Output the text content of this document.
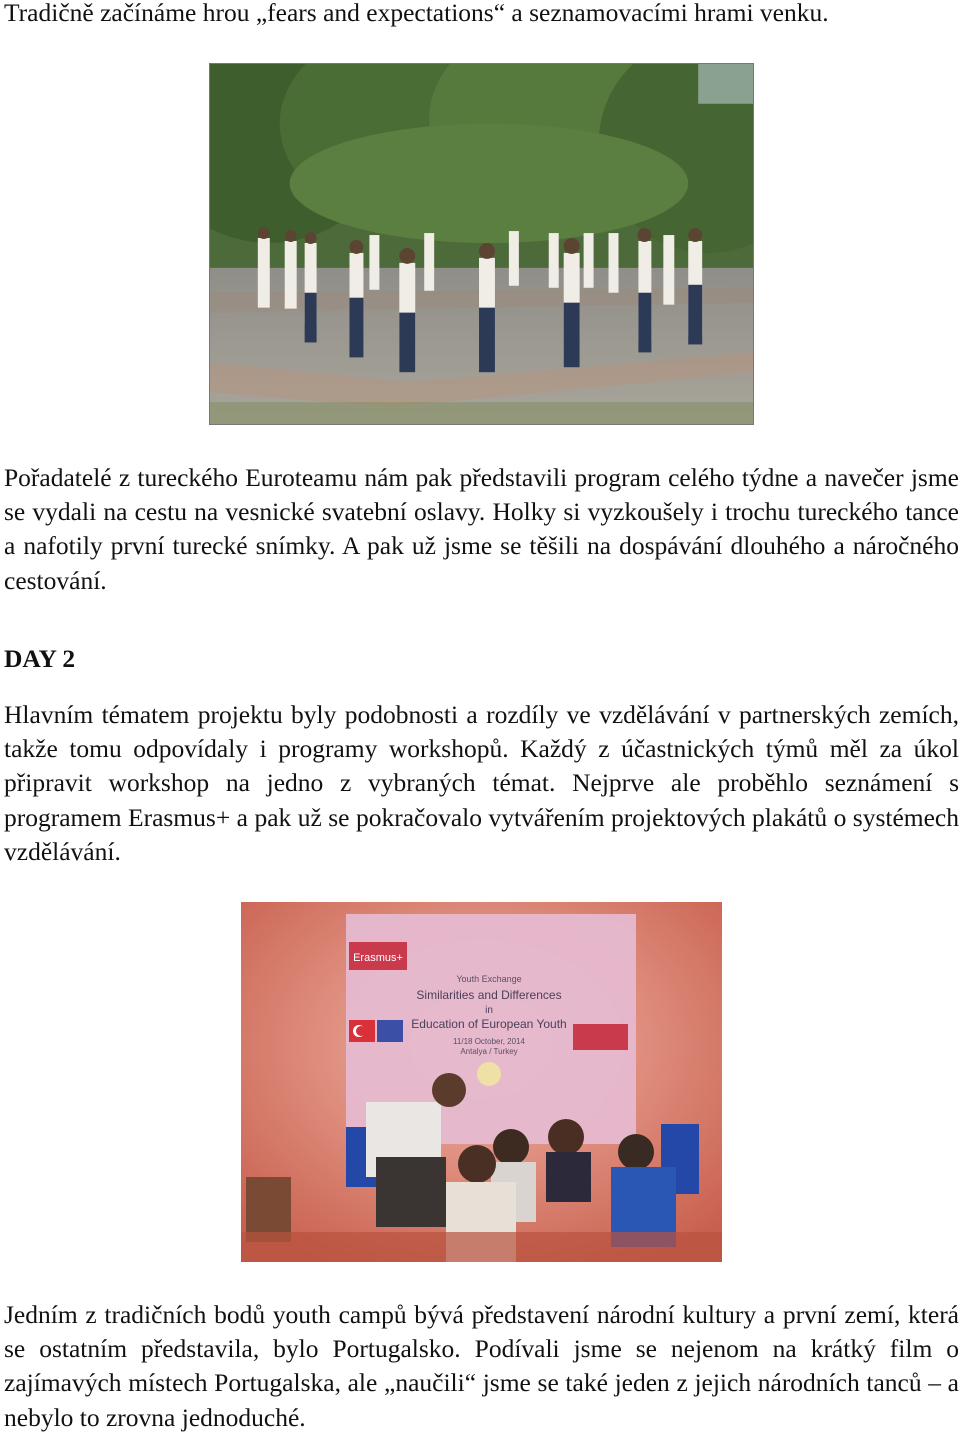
Tradičně začínáme hrou „fears and expectations“ a seznamovacími hrami venku.

Pořadatelé z tureckého Euroteamu nám pak představili program celého týdne a navečer jsme se vydali na cestu na vesnické svatební oslavy. Holky si vyzkoušely i trochu tureckého tance a nafotily první turecké snímky. A pak už jsme se těšili na dospávání dlouhého a náročného cestování.

DAY 2

Hlavním tématem projektu byly podobnosti a rozdíly ve vzdělávání v partnerských zemích, takže tomu odpovídaly i programy workshopů. Každý z účastnických týmů měl za úkol připravit workshop na jedno z vybraných témat. Nejprve ale proběhlo seznámení s programem Erasmus+ a pak už se pokračovalo vytvářením projektových plakátů o systémech vzdělávání.

Erasmus+
Youth Exchange
Similarities and Differences
in
Education of European Youth
11/18 October, 2014
Antalya / Turkey

Jedním z tradičních bodů youth campů bývá představení národní kultury a první zemí, která se ostatním představila, bylo Portugalsko. Podívali jsme se nejenom na krátký film o zajímavých místech Portugalska, ale „naučili“ jsme se také jeden z jejich národních tanců – a nebylo to zrovna jednoduché.
